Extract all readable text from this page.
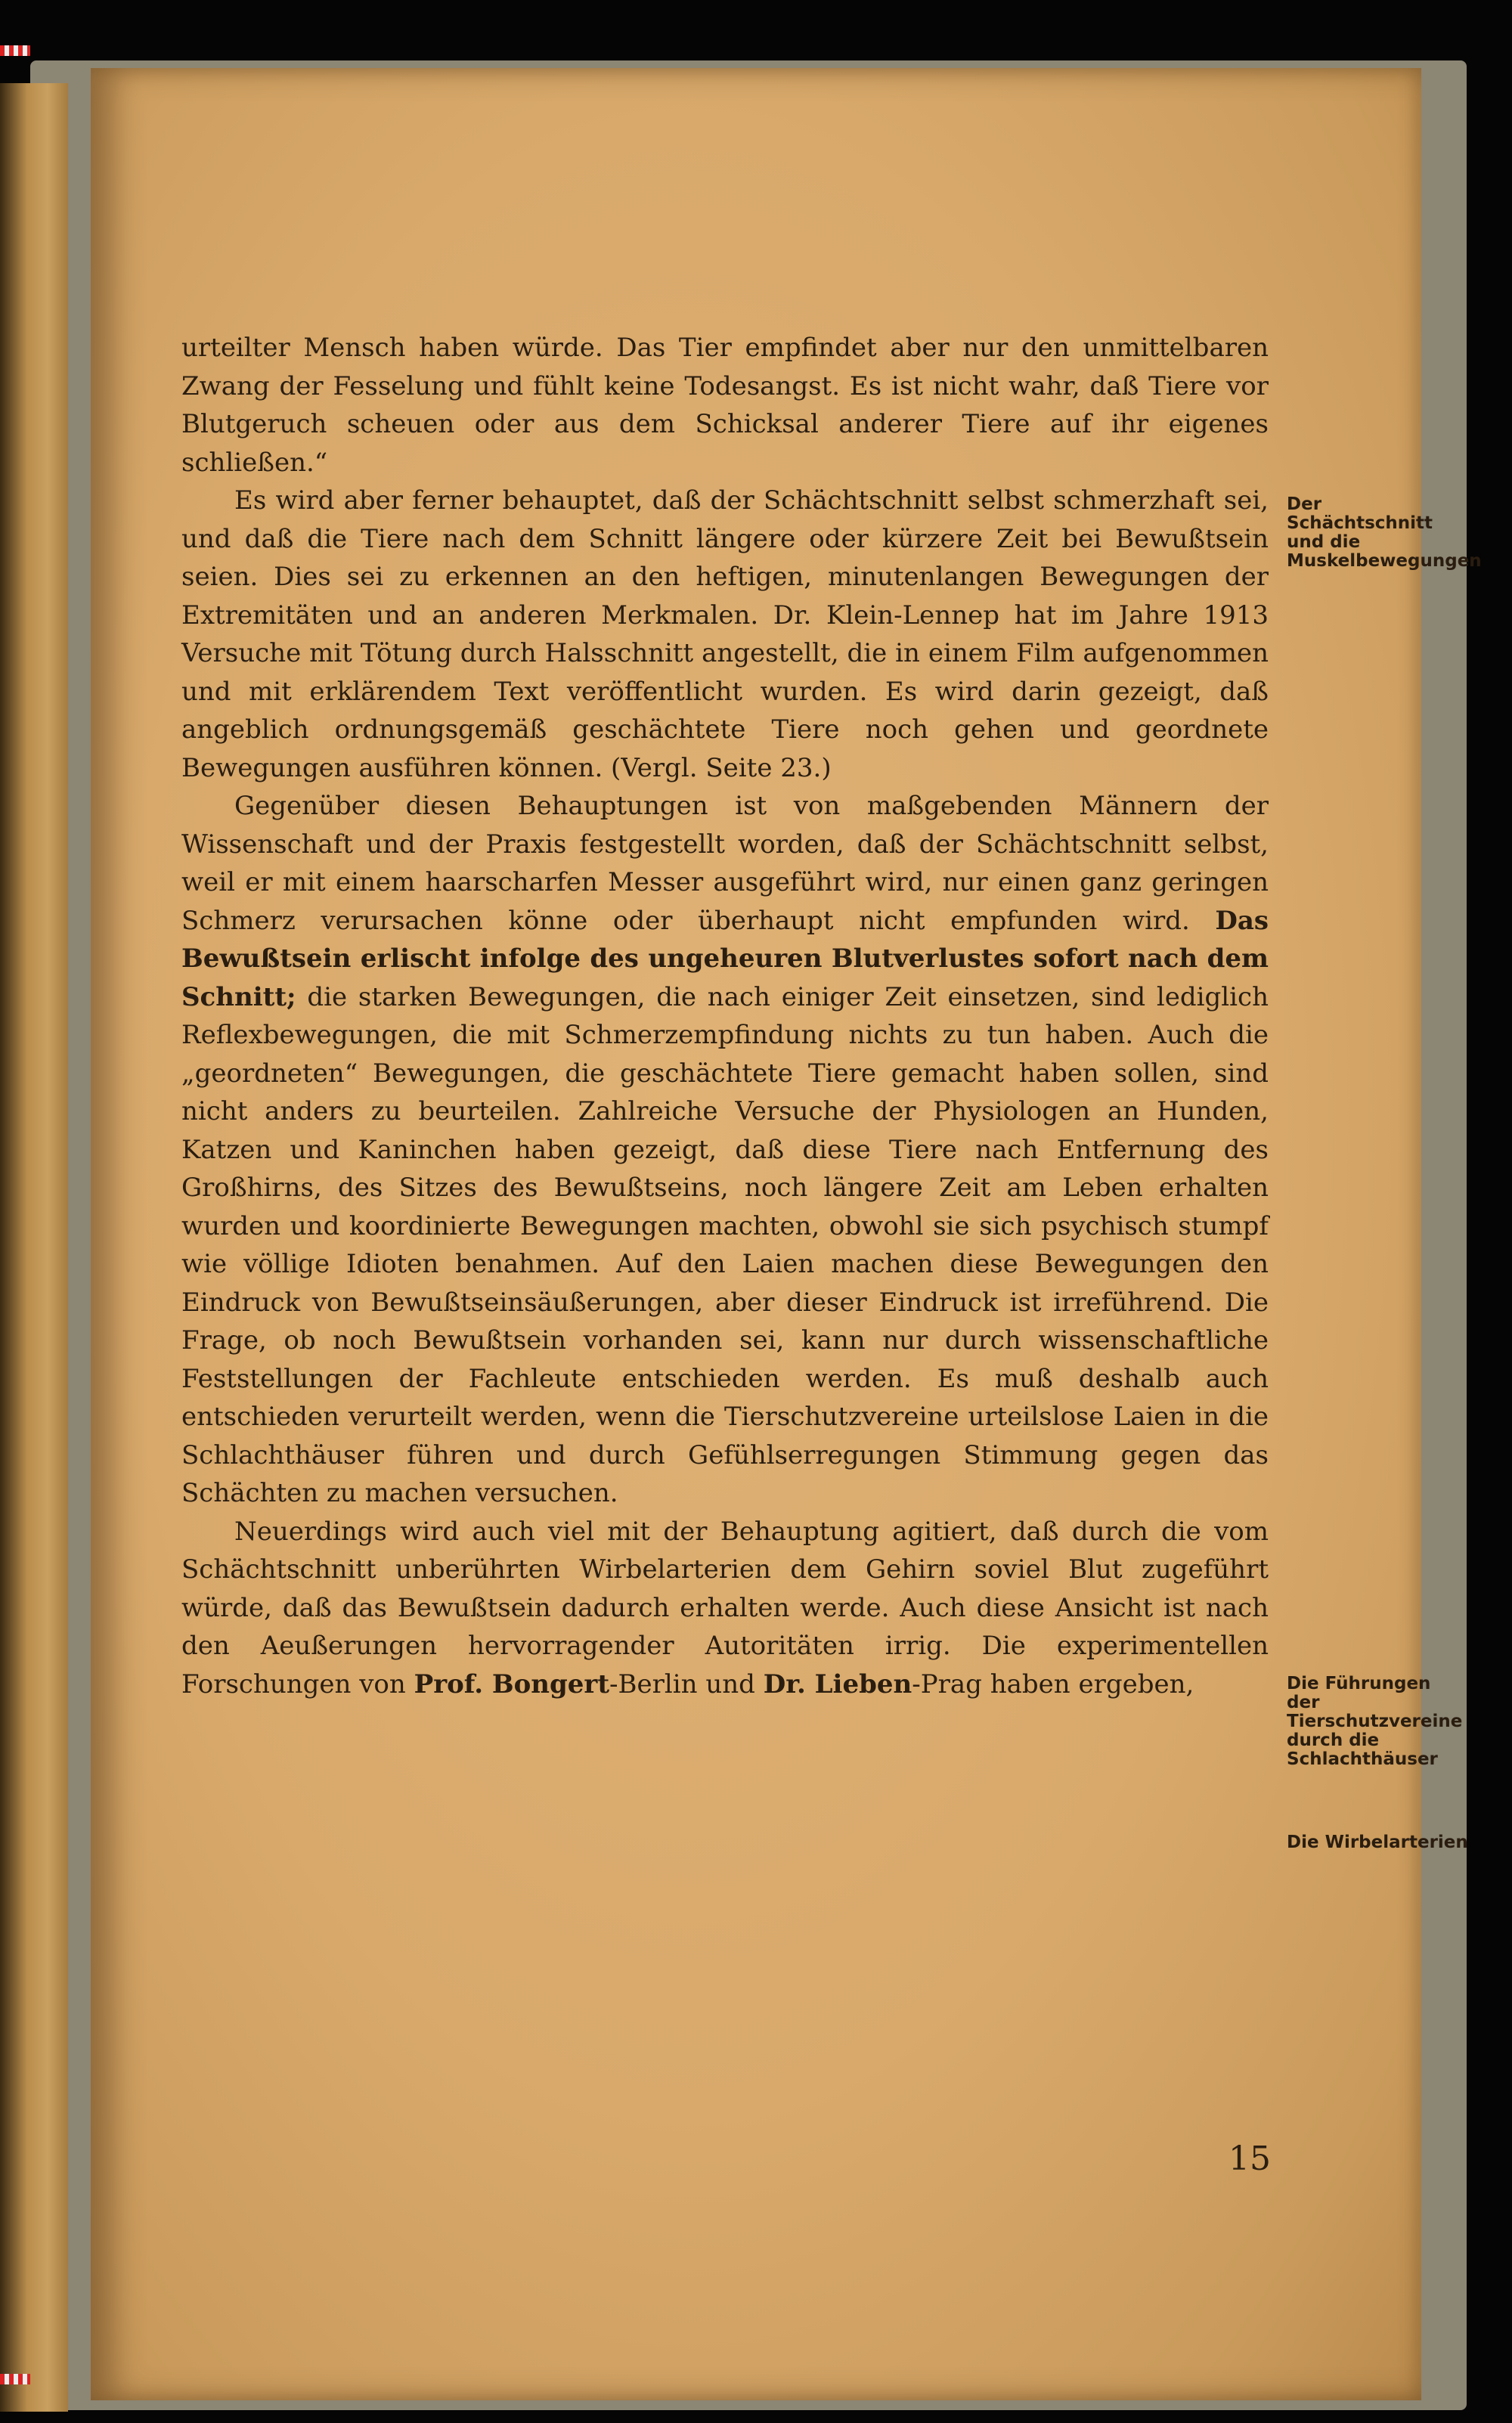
urteilter Mensch haben würde. Das Tier empfindet aber nur den unmittelbaren Zwang der Fesselung und fühlt keine Todesangst. Es ist nicht wahr, daß Tiere vor Blutgeruch scheuen oder aus dem Schicksal anderer Tiere auf ihr eigenes schließen.“

Es wird aber ferner behauptet, daß der Schächtschnitt selbst schmerzhaft sei, und daß die Tiere nach dem Schnitt längere oder kürzere Zeit bei Bewußtsein seien. Dies sei zu erkennen an den heftigen, minutenlangen Bewegungen der Extremitäten und an anderen Merkmalen. Dr. Klein-Lennep hat im Jahre 1913 Versuche mit Tötung durch Halsschnitt angestellt, die in einem Film aufgenommen und mit erklärendem Text veröffentlicht wurden. Es wird darin gezeigt, daß angeblich ordnungsgemäß geschächtete Tiere noch gehen und geordnete Bewegungen ausführen können. (Vergl. Seite 23.)

Gegenüber diesen Behauptungen ist von maßgebenden Männern der Wissenschaft und der Praxis festgestellt worden, daß der Schächtschnitt selbst, weil er mit einem haarscharfen Messer ausgeführt wird, nur einen ganz geringen Schmerz verursachen könne oder überhaupt nicht empfunden wird. Das Bewußtsein erlischt infolge des ungeheuren Blutverlustes sofort nach dem Schnitt; die starken Bewegungen, die nach einiger Zeit einsetzen, sind lediglich Reflexbewegungen, die mit Schmerzempfindung nichts zu tun haben. Auch die „geordneten“ Bewegungen, die geschächtete Tiere gemacht haben sollen, sind nicht anders zu beurteilen. Zahlreiche Versuche der Physiologen an Hunden, Katzen und Kaninchen haben gezeigt, daß diese Tiere nach Entfernung des Großhirns, des Sitzes des Bewußtseins, noch längere Zeit am Leben erhalten wurden und koordinierte Bewegungen machten, obwohl sie sich psychisch stumpf wie völlige Idioten benahmen. Auf den Laien machen diese Bewegungen den Eindruck von Bewußtseinsäußerungen, aber dieser Eindruck ist irreführend. Die Frage, ob noch Bewußtsein vorhanden sei, kann nur durch wissenschaftliche Feststellungen der Fachleute entschieden werden. Es muß deshalb auch entschieden verurteilt werden, wenn die Tierschutzvereine urteilslose Laien in die Schlachthäuser führen und durch Gefühlserregungen Stimmung gegen das Schächten zu machen versuchen.

Neuerdings wird auch viel mit der Behauptung agitiert, daß durch die vom Schächtschnitt unberührten Wirbelarterien dem Gehirn soviel Blut zugeführt würde, daß das Bewußtsein dadurch erhalten werde. Auch diese Ansicht ist nach den Aeußerungen hervorragender Autoritäten irrig. Die experimentellen Forschungen von Prof. Bongert-Berlin und Dr. Lieben-Prag haben ergeben,

Der Schächtschnitt und die Muskelbewegungen
Die Führungen der Tierschutzvereine durch die Schlachthäuser
Die Wirbelarterien
15
